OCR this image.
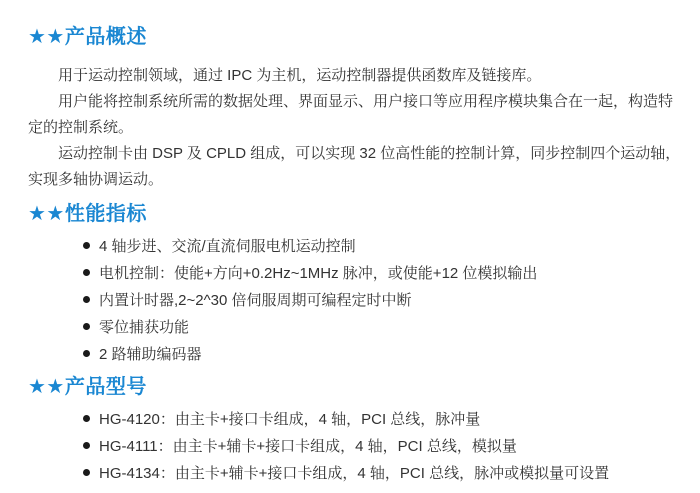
★★产品概述

用于运动控制领域，通过 IPC 为主机，运动控制器提供函数库及链接库。

用户能将控制系统所需的数据处理、界面显示、用户接口等应用程序模块集合在一起，构造特

定的控制系统。

运动控制卡由 DSP 及 CPLD 组成，可以实现 32 位高性能的控制计算，同步控制四个运动轴，

实现多轴协调运动。

★★性能指标
4 轴步进、交流/直流伺服电机运动控制
电机控制：使能+方向+0.2Hz~1MHz 脉冲，或使能+12 位模拟输出
内置计时器,2~2^30 倍伺服周期可编程定时中断
零位捕获功能
2 路辅助编码器
★★产品型号
HG-4120：由主卡+接口卡组成，4 轴，PCI 总线，脉冲量
HG-4111：由主卡+辅卡+接口卡组成，4 轴，PCI 总线，模拟量
HG-4134：由主卡+辅卡+接口卡组成，4 轴，PCI 总线，脉冲或模拟量可设置
